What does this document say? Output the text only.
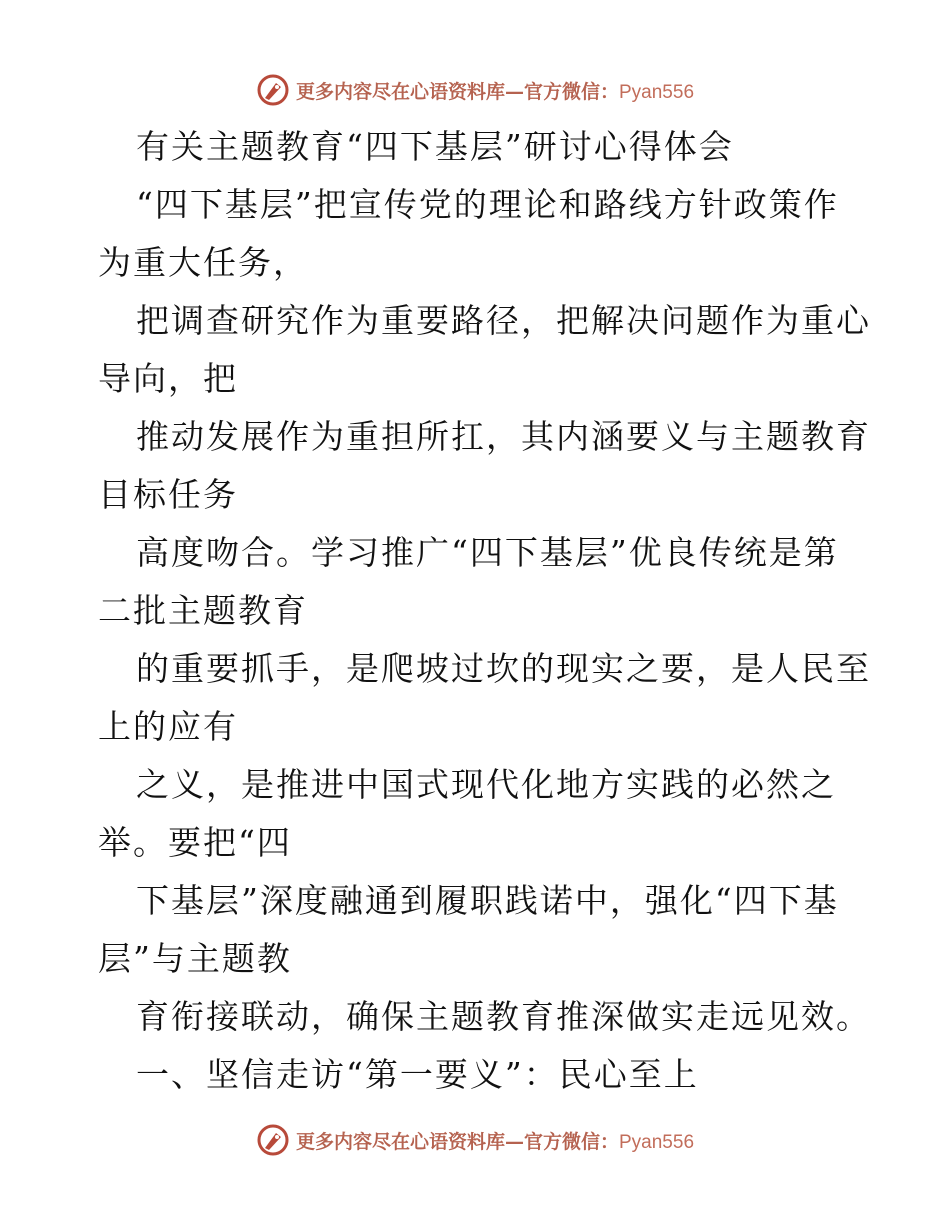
更多内容尽在心语资料库—官方微信：Pyan556
有关主题教育“四下基层”研讨心得体会
“四下基层”把宣传党的理论和路线方针政策作
为重大任务，
把调查研究作为重要路径，把解决问题作为重心
导向，把
推动发展作为重担所扛，其内涵要义与主题教育
目标任务
高度吻合。学习推广“四下基层”优良传统是第
二批主题教育
的重要抓手，是爬坡过坎的现实之要，是人民至
上的应有
之义，是推进中国式现代化地方实践的必然之
举。要把“四
下基层”深度融通到履职践诺中，强化“四下基
层”与主题教
育衔接联动，确保主题教育推深做实走远见效。
一、坚信走访“第一要义”：民心至上
更多内容尽在心语资料库—官方微信：Pyan556
